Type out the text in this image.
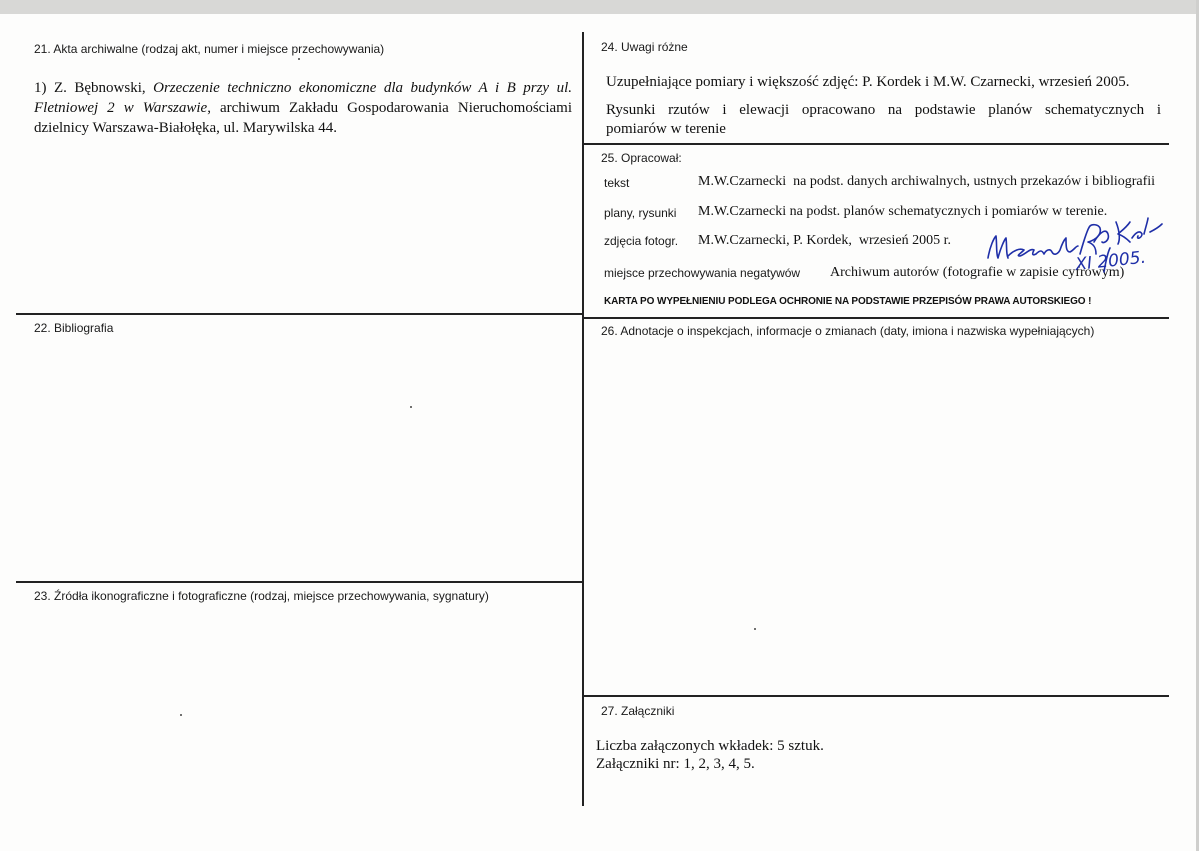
21. Akta archiwalne (rodzaj akt, numer i miejsce przechowywania)
1) Z. Bębnowski, Orzeczenie techniczno ekonomiczne dla budynków A i B przy ul. Fletniowej 2 w Warszawie, archiwum Zakładu Gospodarowania Nieruchomościami dzielnicy Warszawa-Białołęka, ul. Marywilska 44.
22. Bibliografia
23. Źródła ikonograficzne i fotograficzne (rodzaj, miejsce przechowywania, sygnatury)
24. Uwagi różne
Uzupełniające pomiary i większość zdjęć: P. Kordek i M.W. Czarnecki, wrzesień 2005.
Rysunki rzutów i elewacji opracowano na podstawie planów schematycznych i
pomiarów w terenie
25. Opracował:
tekst	M.W.Czarnecki  na podst. danych archiwalnych, ustnych przekazów i bibliografii
plany, rysunki M.W.Czarnecki na podst. planów schematycznych i pomiarów w terenie.
zdjęcia fotogr. M.W.Czarnecki, P. Kordek,  wrzesień 2005 r.
miejsce przechowywania negatywów Archiwum autorów (fotografie w zapisie cyfrowym)
KARTA PO WYPEŁNIENIU PODLEGA OCHRONIE NA PODSTAWIE PRZEPISÓW PRAWA AUTORSKIEGO !
XI 2005.
26. Adnotacje o inspekcjach, informacje o zmianach (daty, imiona i nazwiska wypełniających)
27. Załączniki
Liczba załączonych wkładek: 5 sztuk.
Załączniki nr: 1, 2, 3, 4, 5.
